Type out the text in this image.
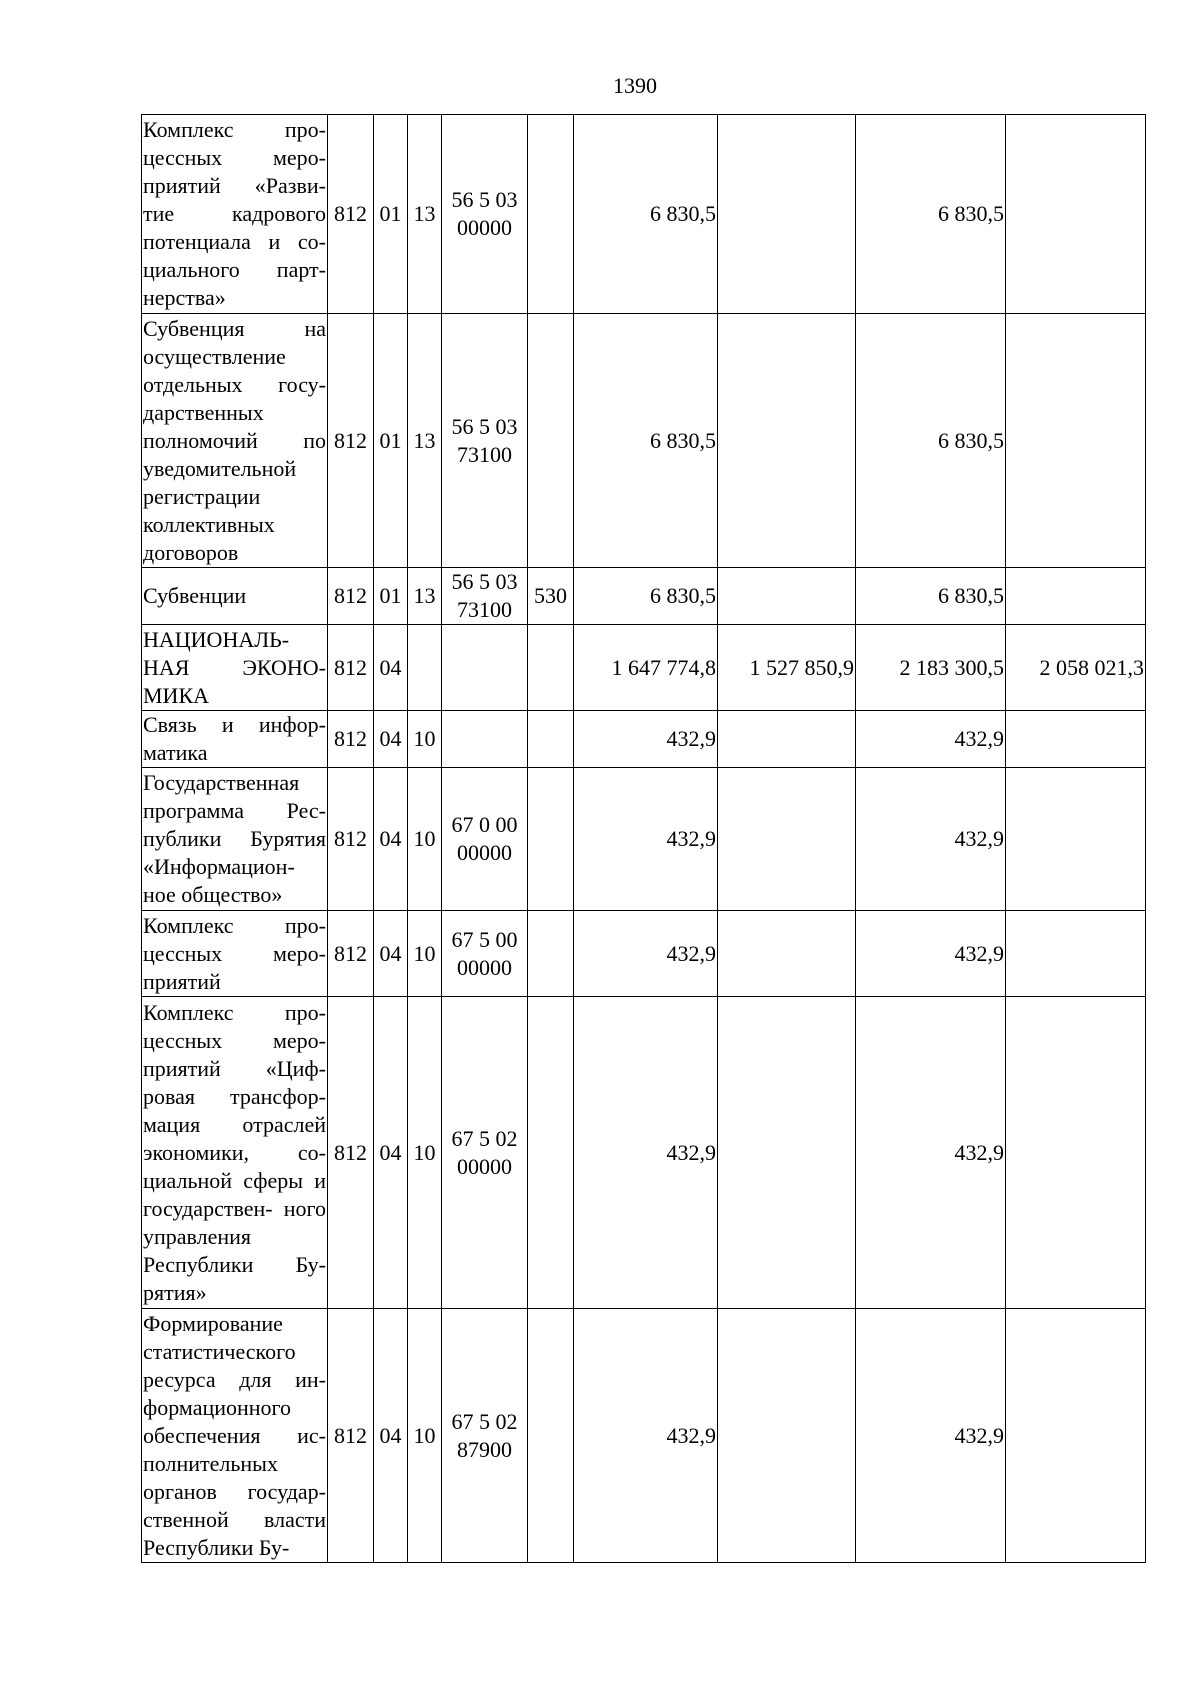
1390
Комплекс про- цессных меро- приятий «Разви- тие кадрового потенциала и со- циального парт- нерства»	812	01	13	56 5 03 00000		6 830,5		6 830,5	
Субвенция на осуществление отдельных госу- дарственных полномочий по уведомительной регистрации коллективных договоров	812	01	13	56 5 03 73100		6 830,5		6 830,5	
Субвенции	812	01	13	56 5 03 73100	530	6 830,5		6 830,5	
НАЦИОНАЛЬ- НАЯ ЭКОНО- МИКА	812	04				1 647 774,8	1 527 850,9	2 183 300,5	2 058 021,3
Связь и инфор- матика	812	04	10			432,9		432,9	
Государственная программа Рес- публики Бурятия «Информацион- ное общество»	812	04	10	67 0 00 00000		432,9		432,9	
Комплекс про- цессных меро- приятий	812	04	10	67 5 00 00000		432,9		432,9	
Комплекс про- цессных меро- приятий «Циф- ровая трансфор- мация отраслей экономики, со- циальной сферы и государствен- ного управления Республики Бу- рятия»	812	04	10	67 5 02 00000		432,9		432,9	
Формирование статистического ресурса для ин- формационного обеспечения ис- полнительных органов государ- ственной власти Республики Бу-	812	04	10	67 5 02 87900		432,9		432,9	
